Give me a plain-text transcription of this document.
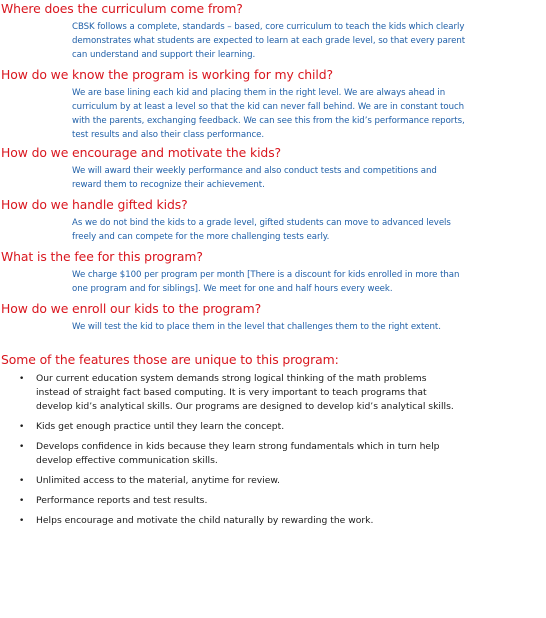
Where does the curriculum come from?

CBSK follows a complete, standards – based, core curriculum to teach the kids which clearly demonstrates what students are expected to learn at each grade level, so that every parent can understand and support their learning.

How do we know the program is working for my child?

We are base lining each kid and placing them in the right level. We are always ahead in curriculum by at least a level so that the kid can never fall behind. We are in constant touch with the parents, exchanging feedback. We can see this from the kid’s performance reports, test results and also their class performance.

How do we encourage and motivate the kids?

We will award their weekly performance and also conduct tests and competitions and reward them to recognize their achievement.

How do we handle gifted kids?

As we do not bind the kids to a grade level, gifted students can move to advanced levels freely and can compete for the more challenging tests early.

What is the fee for this program?

We charge $100 per program per month [There is a discount for kids enrolled in more than one program and for siblings]. We meet for one and half hours every week.

How do we enroll our kids to the program?

We will test the kid to place them in the level that challenges them to the right extent.

Some of the features those are unique to this program:
• Our current education system demands strong logical thinking of the math problems instead of straight fact based computing. It is very important to teach programs that develop kid’s analytical skills. Our programs are designed to develop kid’s analytical skills.
• Kids get enough practice until they learn the concept.
• Develops confidence in kids because they learn strong fundamentals which in turn help develop effective communication skills.
• Unlimited access to the material, anytime for review.
• Performance reports and test results.
• Helps encourage and motivate the child naturally by rewarding the work.
